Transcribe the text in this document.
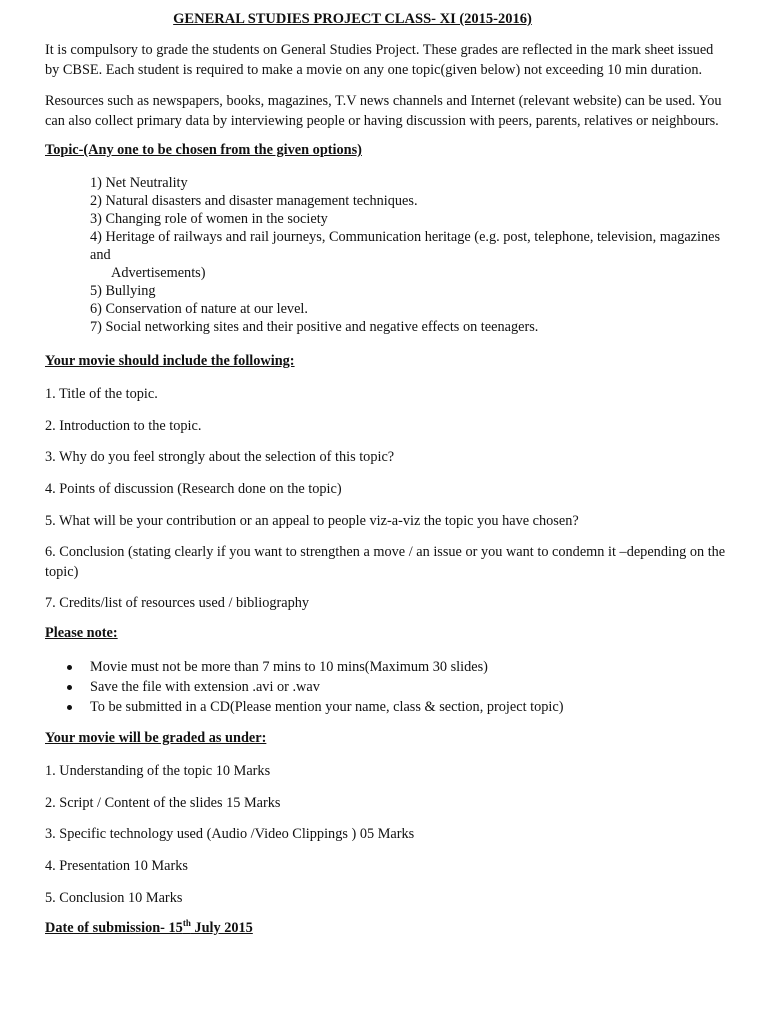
GENERAL STUDIES PROJECT CLASS- XI (2015-2016)
It is compulsory to grade the students on General Studies Project. These grades are reflected in the mark sheet issued by CBSE. Each student is required to make a movie on any one topic(given below) not exceeding 10 min duration.
Resources such as newspapers, books, magazines, T.V news channels and Internet (relevant website) can be used. You can also collect primary data by interviewing people or having discussion with peers, parents, relatives or neighbours.
Topic-(Any one to be chosen from the given options)
1) Net Neutrality
2) Natural disasters and disaster management techniques.
3) Changing role of women in the society
4) Heritage of railways and rail journeys, Communication heritage (e.g. post, telephone, television, magazines and
Advertisements)
5) Bullying
6) Conservation of nature at our level.
7) Social networking sites and their positive and negative effects on teenagers.
Your movie should include the following:
1. Title of the topic.
2. Introduction to the topic.
3. Why do you feel strongly about the selection of this topic?
4. Points of discussion (Research done on the topic)
5. What will be your contribution or an appeal to people viz-a-viz the topic you have chosen?
6. Conclusion (stating clearly if you want to strengthen a move / an issue or you want to condemn it –depending on the topic)
7. Credits/list of resources used / bibliography
Please note:
Movie must not be more than 7 mins to 10 mins(Maximum 30 slides)
Save the file with extension .avi or .wav
To be submitted in a CD(Please mention your name, class & section, project topic)
Your movie will be graded as under:
1. Understanding of the topic 10 Marks
2. Script / Content of the slides 15 Marks
3. Specific technology used (Audio /Video Clippings ) 05 Marks
4. Presentation 10 Marks
5. Conclusion 10 Marks
Date of submission- 15th July 2015
